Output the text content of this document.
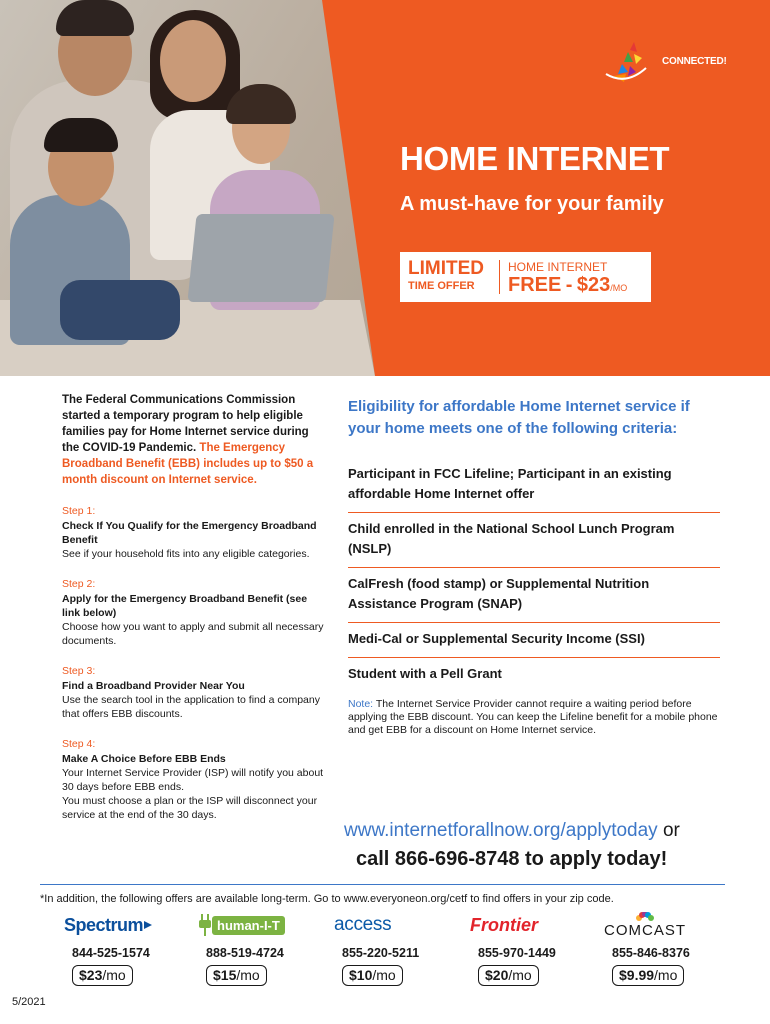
CONNECTED!
HOME INTERNET
A must-have for your family
LIMITED
TIME OFFER
HOME INTERNET
FREE - $23/MO

The Federal Communications Commission started a temporary program to help eligible families pay for Home Internet service during the COVID-19 Pandemic. The Emergency Broadband Benefit (EBB) includes up to $50 a month discount on Internet service.

Step 1:
Check If You Qualify for the Emergency Broadband Benefit
See if your household fits into any eligible categories.
Step 2:
Apply for the Emergency Broadband Benefit (see link below)
Choose how you want to apply and submit all necessary documents.
Step 3:
Find a Broadband Provider Near You
Use the search tool in the application to find a company that offers EBB discounts.
Step 4:
Make A Choice Before EBB Ends
Your Internet Service Provider (ISP) will notify you about 30 days before EBB ends.
You must choose a plan or the ISP will disconnect your service at the end of the 30 days.
Eligibility for affordable Home Internet service if your home meets one of the following criteria:
Participant in FCC Lifeline; Participant in an existing affordable Home Internet offer
Child enrolled in the National School Lunch Program (NSLP)
CalFresh (food stamp) or Supplemental Nutrition Assistance Program (SNAP)
Medi-Cal or Supplemental Security Income (SSI)
Student with a Pell Grant

Note: The Internet Service Provider cannot require a waiting period before applying the EBB discount. You can keep the Lifeline benefit for a mobile phone and get EBB for a discount on Home Internet service.

www.internetforallnow.org/applytoday or
call 866-696-8748 to apply today!
*In addition, the following offers are available long-term. Go to www.everyoneon.org/cetf to find offers in your zip code.
Spectrum
844-525-1574
$23/mo
human-I-T
888-519-4724
$15/mo
access
855-220-5211
$10/mo
Frontier
855-970-1449
$20/mo
COMCAST
855-846-8376
$9.99/mo
5/2021
